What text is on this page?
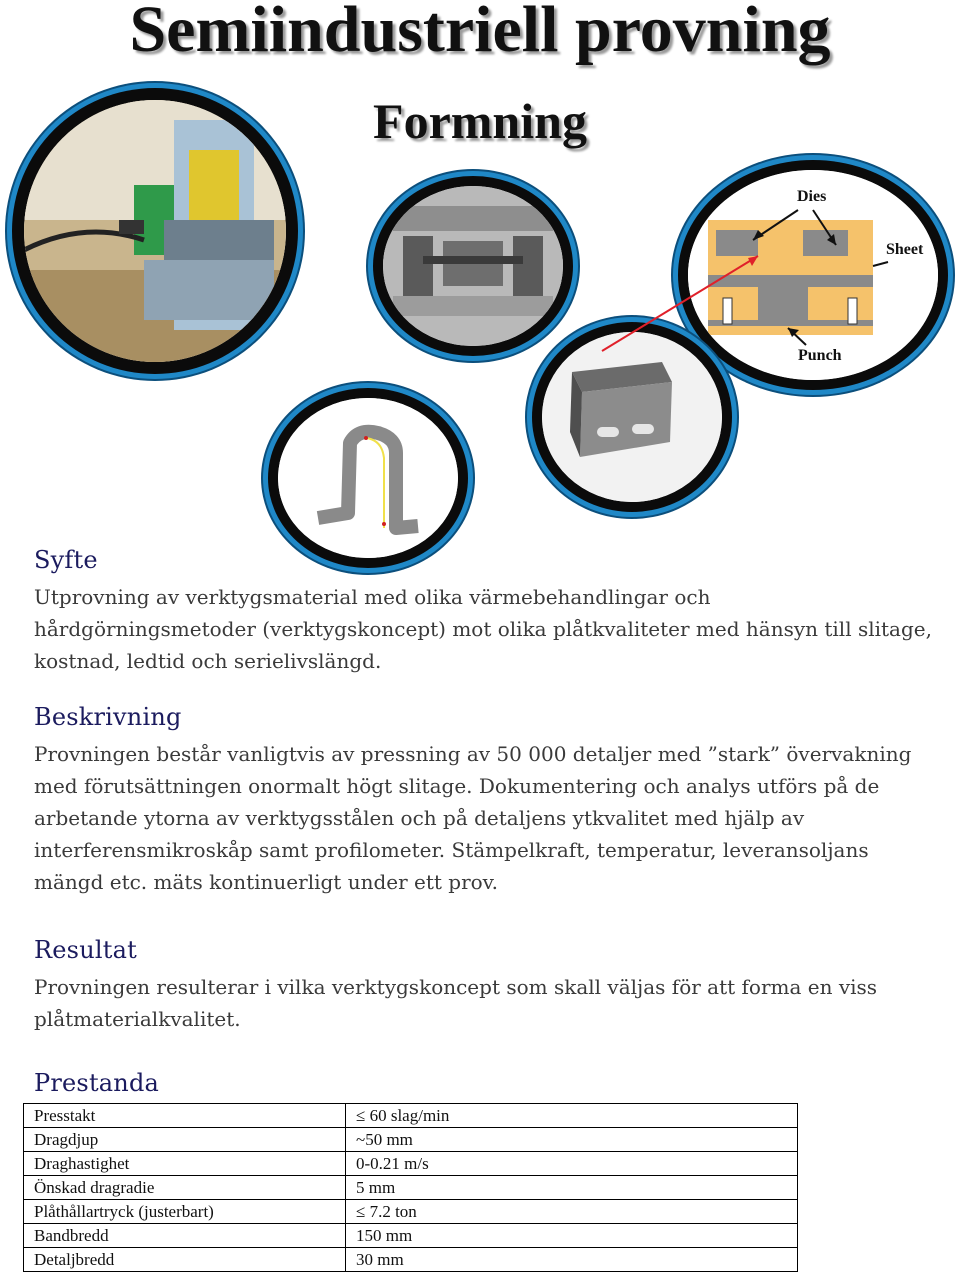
Semiindustriell provning
Formning
Dies
Sheet
Punch
Syfte

Utprovning av verktygsmaterial med olika värmebehandlingar och hårdgörningsmetoder (verktygskoncept) mot olika plåtkvaliteter med hänsyn till slitage, kostnad, ledtid och serielivslängd.

Beskrivning

Provningen består vanligtvis av pressning av 50 000 detaljer med ”stark” övervakning med förutsättningen onormalt högt slitage. Dokumentering och analys utförs på de arbetande ytorna av verktygsstålen och på detaljens ytkvalitet med hjälp av interferensmikroskåp samt profilometer. Stämpelkraft, temperatur, leveransoljans mängd etc. mäts kontinuerligt under ett prov.

Resultat

Provningen resulterar i vilka verktygskoncept som skall väljas för att forma en viss plåtmaterialkvalitet.

Prestanda
Presstakt	≤ 60 slag/min
Dragdjup	~50 mm
Draghastighet	0-0.21 m/s
Önskad dragradie	5 mm
Plåthållartryck (justerbart)	≤ 7.2 ton
Bandbredd	150 mm
Detaljbredd	30 mm
